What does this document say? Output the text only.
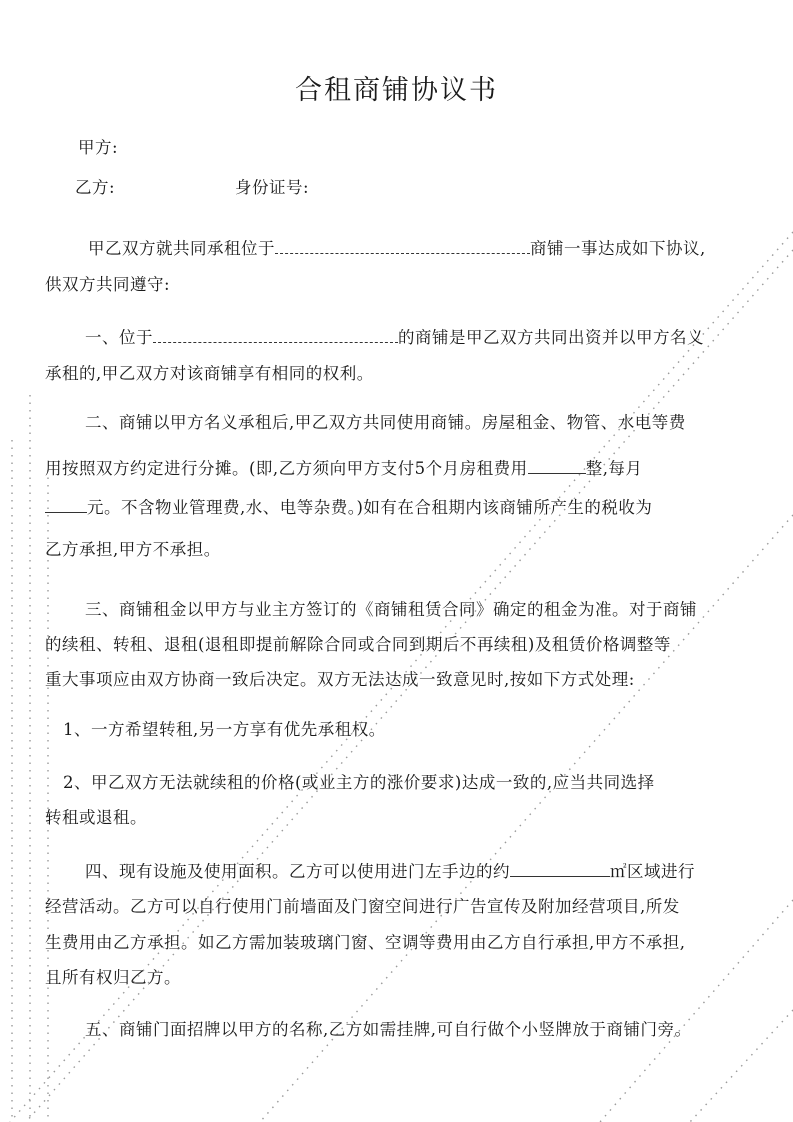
合租商铺协议书
甲方:
乙方:	身份证号:
甲乙双方就共同承租位于	商铺一事达成如下协议,
供双方共同遵守:
一、位于	的商铺是甲乙双方共同出资并以甲方名义
承租的,甲乙双方对该商铺享有相同的权利。
二、商铺以甲方名义承租后,甲乙双方共同使用商铺。房屋租金、物管、水电等费
用按照双方约定进行分摊。(即,乙方须向甲方支付5个月房租费用	整,每月
元。不含物业管理费,水、电等杂费。)如有在合租期内该商铺所产生的税收为
乙方承担,甲方不承担。
三、商铺租金以甲方与业主方签订的《商铺租赁合同》确定的租金为准。对于商铺
的续租、转租、退租(退租即提前解除合同或合同到期后不再续租)及租赁价格调整等
重大事项应由双方协商一致后决定。双方无法达成一致意见时,按如下方式处理:
1、一方希望转租,另一方享有优先承租权。
2、甲乙双方无法就续租的价格(或业主方的涨价要求)达成一致的,应当共同选择
转租或退租。
四、现有设施及使用面积。乙方可以使用进门左手边的约	㎡区域进行
经营活动。乙方可以自行使用门前墙面及门窗空间进行广告宣传及附加经营项目,所发
生费用由乙方承担。如乙方需加装玻璃门窗、空调等费用由乙方自行承担,甲方不承担,
且所有权归乙方。
五、商铺门面招牌以甲方的名称,乙方如需挂牌,可自行做个小竖牌放于商铺门旁。
